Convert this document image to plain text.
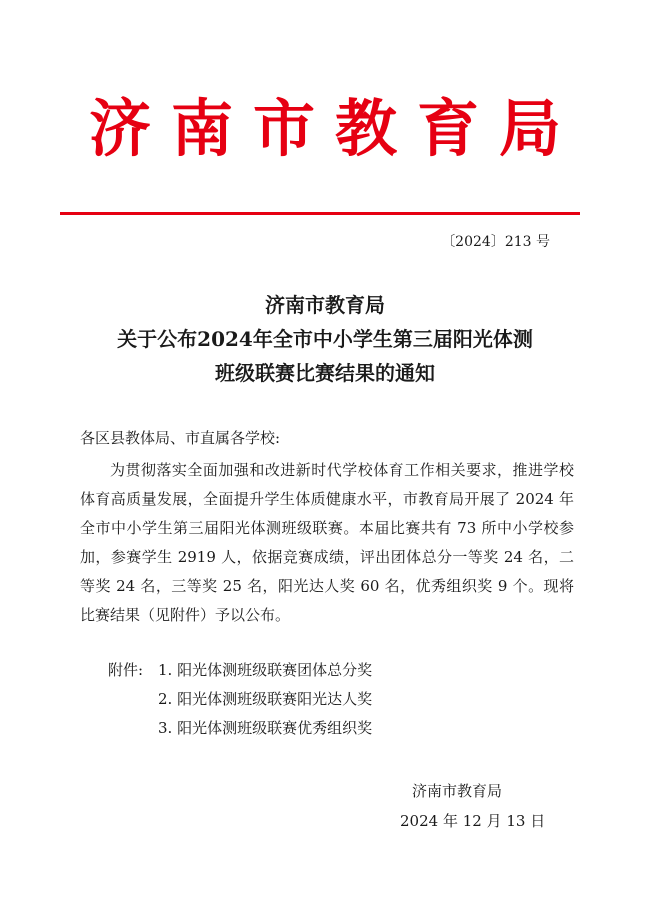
济南市教育局
〔2024〕213 号
济南市教育局
关于公布2024年全市中小学生第三届阳光体测
班级联赛比赛结果的通知
各区县教体局、市直属各学校:
为贯彻落实全面加强和改进新时代学校体育工作相关要求，推进学校体育高质量发展，全面提升学生体质健康水平，市教育局开展了 2024 年全市中小学生第三届阳光体测班级联赛。本届比赛共有 73 所中小学校参加，参赛学生 2919 人，依据竞赛成绩，评出团体总分一等奖 24 名，二等奖 24 名，三等奖 25 名，阳光达人奖 60 名，优秀组织奖 9 个。现将比赛结果（见附件）予以公布。
附件: 1. 阳光体测班级联赛团体总分奖
2. 阳光体测班级联赛阳光达人奖
3. 阳光体测班级联赛优秀组织奖
济南市教育局
2024 年 12 月 13 日
